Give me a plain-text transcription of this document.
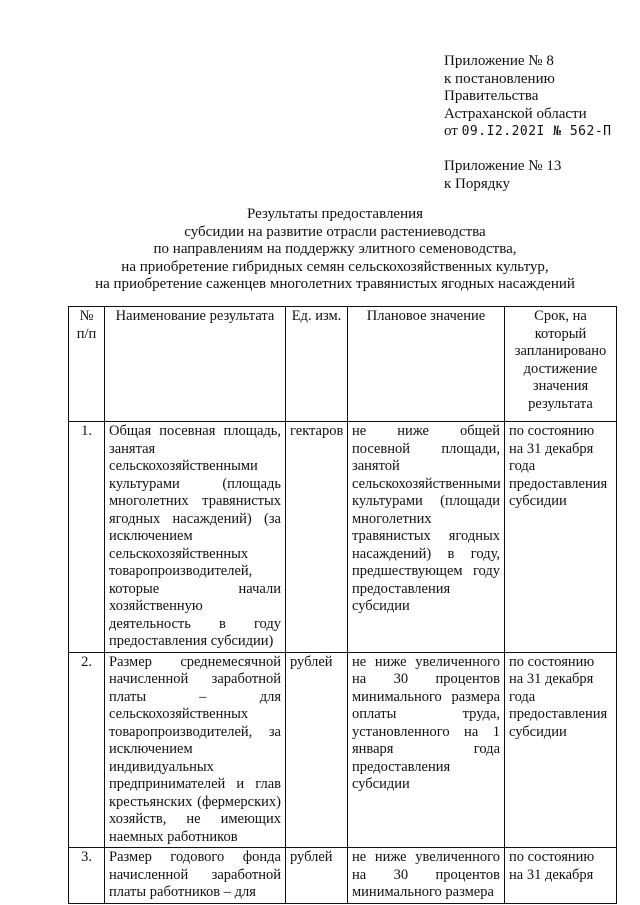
Приложение № 8
к постановлению
Правительства
Астраханской области
от 09.I2.202I № 562-П
Приложение № 13
к Порядку
Результаты предоставления
субсидии на развитие отрасли растениеводства
по направлениям на поддержку элитного семеноводства,
на приобретение гибридных семян сельскохозяйственных культур,
на приобретение саженцев многолетних травянистых ягодных насаждений
№ п/п	Наименование результата	Ед. изм.	Плановое значение	Срок, на который запланировано достижение значения результата
1.	Общая посевная площадь, занятая сельскохозяйственными культурами (площадь многолетних травянистых ягодных насаждений) (за исключением сельскохозяйственных товаропроизводителей, которые начали хозяйственную деятельность в году предоставления субсидии)	гектаров	не ниже общей посевной площади, занятой сельскохозяйственными культурами (площади многолетних травянистых ягодных насаждений) в году, предшествующем году предоставления субсидии	по состоянию на 31 декабря года предоставления субсидии
2.	Размер среднемесячной начисленной заработной платы – для сельскохозяйственных товаропроизводителей, за исключением индивидуальных предпринимателей и глав крестьянских (фермерских) хозяйств, не имеющих наемных работников	рублей	не ниже увеличенного на 30 процентов минимального размера оплаты труда, установленного на 1 января года предоставления субсидии	по состоянию на 31 декабря года предоставления субсидии
3.	Размер годового фонда начисленной заработной платы работников – для	рублей	не ниже увеличенного на 30 процентов минимального размера	по состоянию на 31 декабря
